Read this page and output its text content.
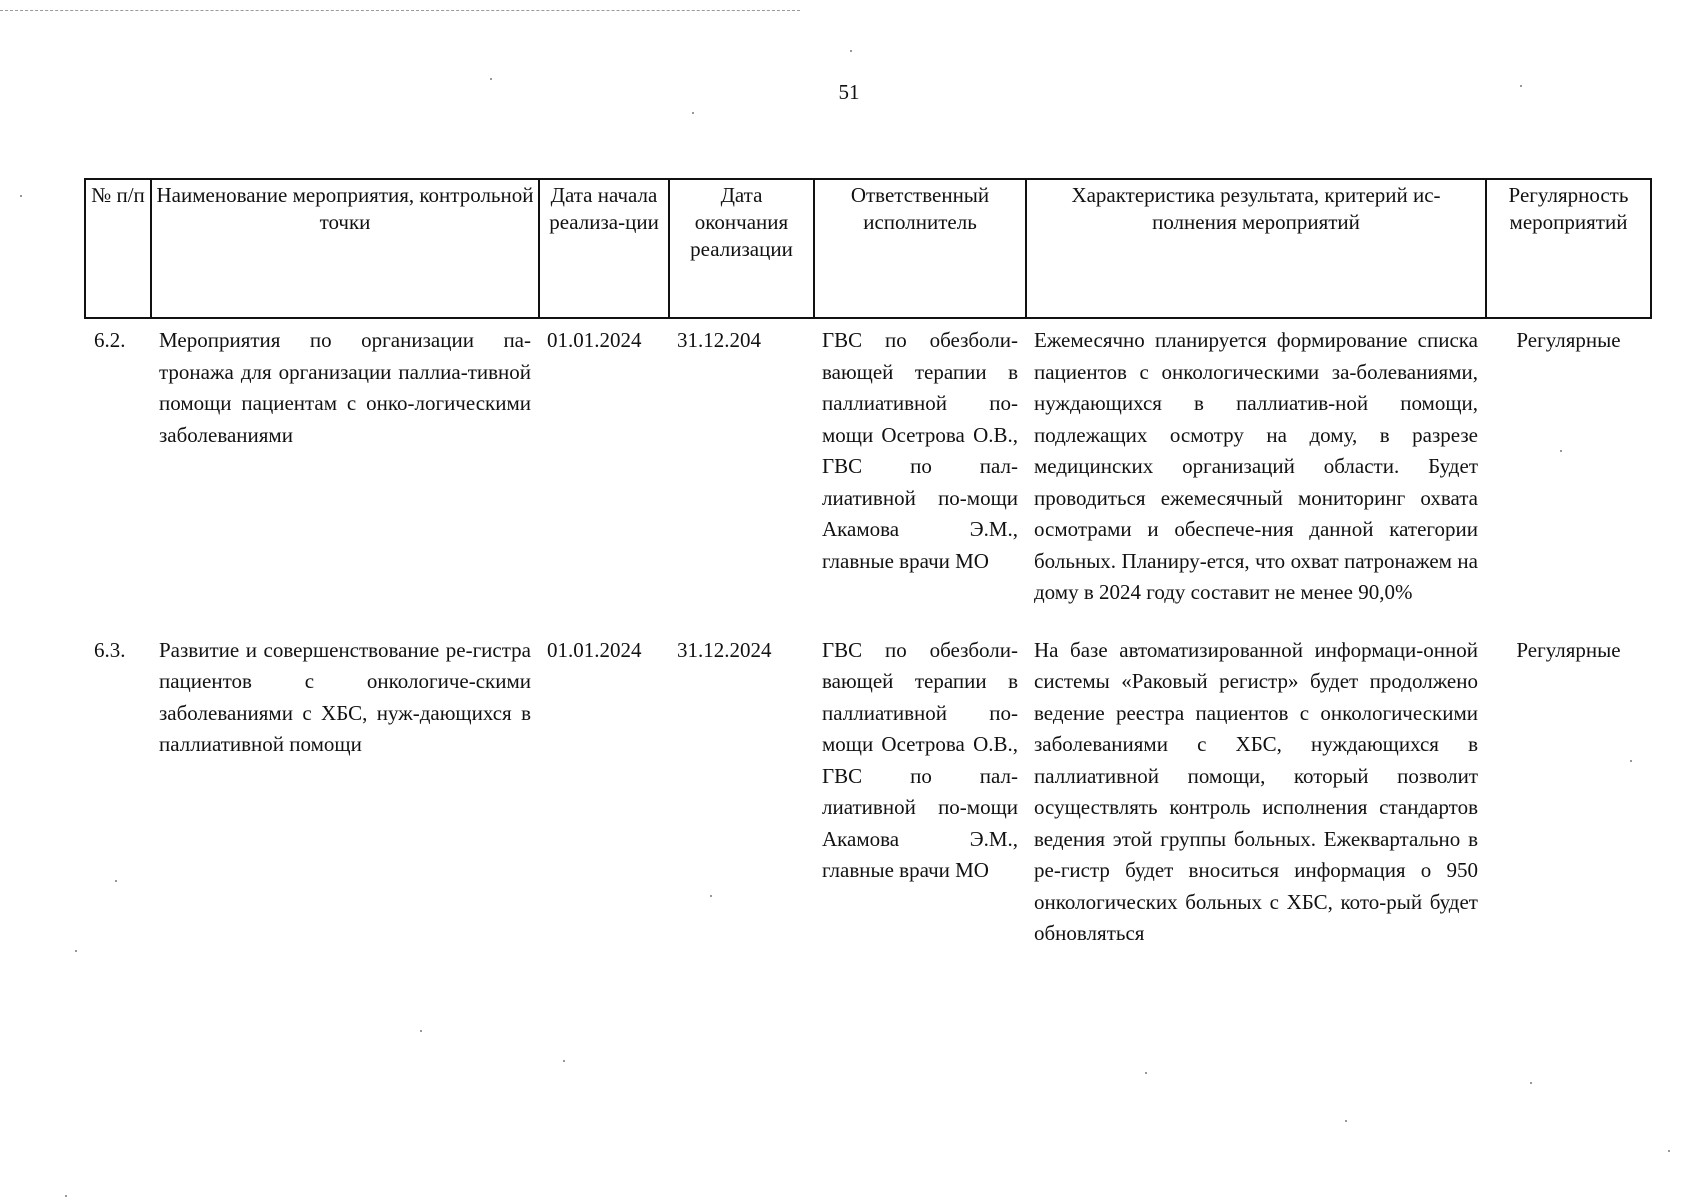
51
№ п/п	Наименование мероприятия, контрольной точки	Дата начала реализа-ции	Дата окончания реализации	Ответственный исполнитель	Характеристика результата, критерий ис-полнения мероприятий	Регулярность мероприятий

6.2.	Мероприятия по организации па-тронажа для организации паллиа-тивной помощи пациентам с онко-логическими заболеваниями	01.01.2024	31.12.204	ГВС по обезболи-вающей терапии в паллиативной по-мощи Осетрова О.В., ГВС по пал-лиативной по-мощи Акамова Э.М., главные врачи МО	Ежемесячно планируется формирование списка пациентов с онкологическими за-болеваниями, нуждающихся в паллиатив-ной помощи, подлежащих осмотру на дому, в разрезе медицинских организаций области. Будет проводиться ежемесячный мониторинг охвата осмотрами и обеспече-ния данной категории больных. Планиру-ется, что охват патронажем на дому в 2024 году составит не менее 90,0%	Регулярные

6.3.	Развитие и совершенствование ре-гистра пациентов с онкологиче-скими заболеваниями с ХБС, нуж-дающихся в паллиативной помощи	01.01.2024	31.12.2024	ГВС по обезболи-вающей терапии в паллиативной по-мощи Осетрова О.В., ГВС по пал-лиативной по-мощи Акамова Э.М., главные врачи МО	На базе автоматизированной информаци-онной системы «Раковый регистр» будет продолжено ведение реестра пациентов с онкологическими заболеваниями с ХБС, нуждающихся в паллиативной помощи, который позволит осуществлять контроль исполнения стандартов ведения этой группы больных. Ежеквартально в ре-гистр будет вноситься информация о 950 онкологических больных с ХБС, кото-рый будет обновляться	Регулярные
